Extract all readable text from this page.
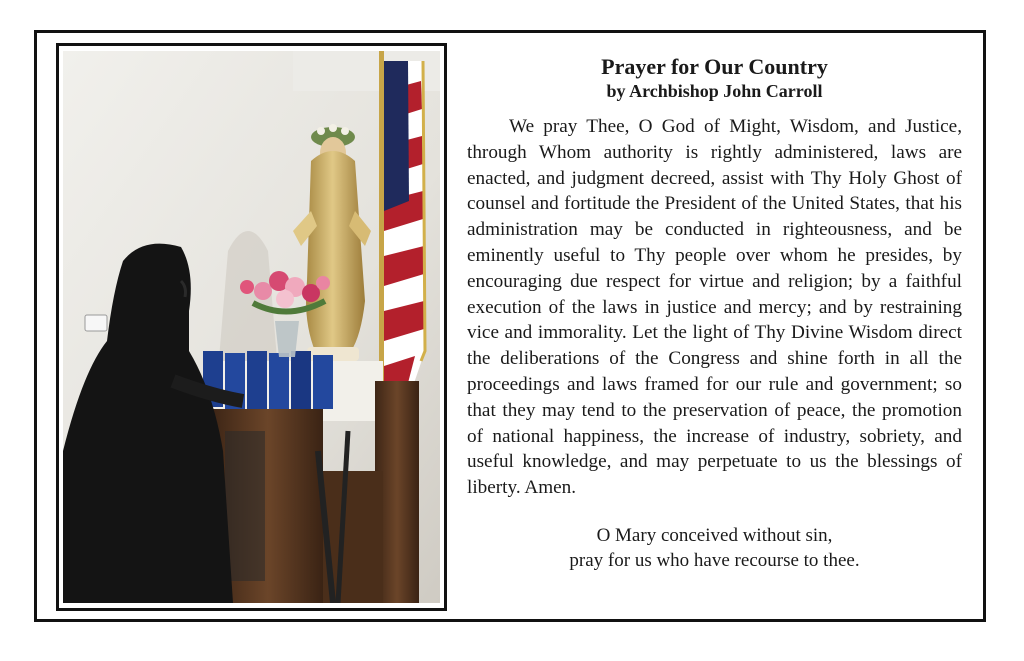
Prayer for Our Country
by Archbishop John Carroll
We pray Thee, O God of Might, Wisdom, and Justice, through Whom authority is rightly administered, laws are enacted, and judgment decreed, assist with Thy Holy Ghost of counsel and fortitude the President of the United States, that his administration may be conducted in righteousness, and be eminently useful to Thy people over whom he presides, by encouraging due respect for virtue and religion; by a faithful execution of the laws in justice and mercy; and by restraining vice and immorality. Let the light of Thy Divine Wisdom direct the deliberations of the Congress and shine forth in all the proceedings and laws framed for our rule and government; so that they may tend to the preservation of peace, the promotion of national happiness, the increase of industry, sobriety, and useful knowledge, and may perpetuate to us the blessings of liberty. Amen.
O Mary conceived without sin,
pray for us who have recourse to thee.
